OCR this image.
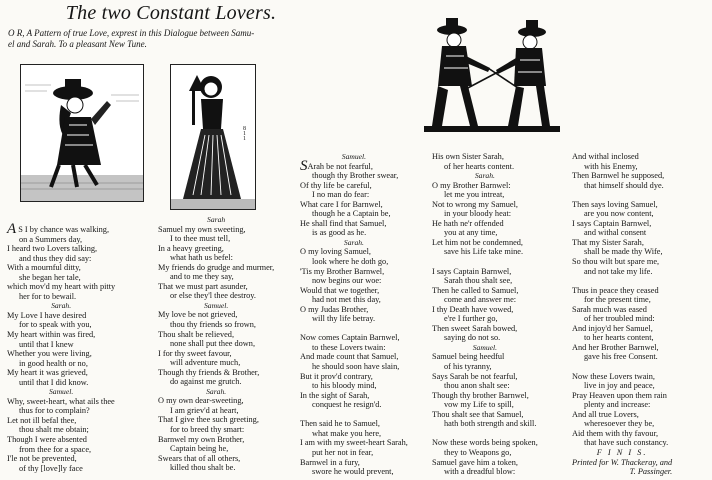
The two Constant Lovers.
O R, A Pattern of true Love, exprest in this Dialogue between Samu-
el and Sarah. To a pleasant New Tune.
8 1 1
A S I by chance was walking,
on a Summers day,
I heard two Lovers talking,
and thus they did say:
With a mournful ditty,
she began her tale,
which mov'd my heart with pitty
her for to bewail.
Sarah.
My Love I have desired
for to speak with you,
My heart within was fired,
until that I knew
Whether you were living,
in good health or no,
My heart it was grieved,
until that I did know.
Samuel.
Why, sweet-heart, what ails thee
thus for to complain?
Let not ill befal thee,
thou shalt me obtain;
Though I were absented
from thee for a space,
I'le not be prevented,
of thy [love]ly face
Sarah
Samuel my own sweeting,
I to thee must tell,
In a heavy greeting,
what hath us befel:
My friends do grudge and murmer,
and to me they say,
That we must part asunder,
or else they'l thee destroy.
Samuel.
My love be not grieved,
thou thy friends so frown,
Thou shalt be relieved,
none shall put thee down,
I for thy sweet favour,
will adventure much,
Though thy friends & Brother,
do against me grutch.
Sarah.
O my own dear-sweeting,
I am griev'd at heart,
That I give thee such greeting,
for to breed thy smart:
Barnwel my own Brother,
Captain being he,
Swears that of all others,
killed thou shalt be.
Samuel.
SArah be not fearful,
though thy Brother swear,
Of thy life be careful,
I no man do fear:
What care I for Barnwel,
though he a Captain be,
He shall find that Samuel,
is as good as he.
Sarah.
O my loving Samuel,
look where he doth go,
'Tis my Brother Barnwel,
now begins our woe:
Would that we together,
had not met this day,
O my Judas Brother,
will thy life betray.
Now comes Captain Barnwel,
to these Lovers twain:
And made count that Samuel,
he should soon have slain,
But it prov'd contrary,
to his bloody mind,
In the sight of Sarah,
conquest he resign'd.
Then said he to Samuel,
what make you here,
I am with my sweet-heart Sarah,
put her not in fear,
Barnwel in a fury,
swore he would prevent,
His own Sister Sarah,
of her hearts content.
Sarah.
O my Brother Barnwel:
let me you intreat,
Not to wrong my Samuel,
in your bloody heat:
He hath ne'r offended
you at any time,
Let him not be condemned,
save his Life take mine.
I says Captain Barnwel,
Sarah thou shalt see,
Then he called to Samuel,
come and answer me:
I thy Death have vowed,
e're I further go,
Then sweet Sarah bowed,
saying do not so.
Samuel.
Samuel being heedful
of his tyranny,
Says Sarah be not fearful,
thou anon shalt see:
Though thy brother Barnwel,
vow my Life to spill,
Thou shalt see that Samuel,
hath both strength and skill.
Now these words being spoken,
they to Weapons go,
Samuel gave him a token,
with a dreadful blow:
And withal inclosed
with his Enemy,
Then Barnwel he supposed,
that himself should dye.
Then says loving Samuel,
are you now content,
I says Captain Barnwel,
and withal consent
That my Sister Sarah,
shall be made thy Wife,
So thou wilt but spare me,
and not take my life.
Thus in peace they ceased
for the present time,
Sarah much was eased
of her troubled mind:
And injoy'd her Samuel,
to her hearts content,
And her Brother Barnwel,
gave his free Consent.
Now these Lovers twain,
live in joy and peace,
Pray Heaven upon them rain
plenty and increase:
And all true Lovers,
wheresoever they be,
Aid them with thy favour,
that have such constancy.
F I N I S.
Printed for W. Thackeray, and
T. Passinger.
